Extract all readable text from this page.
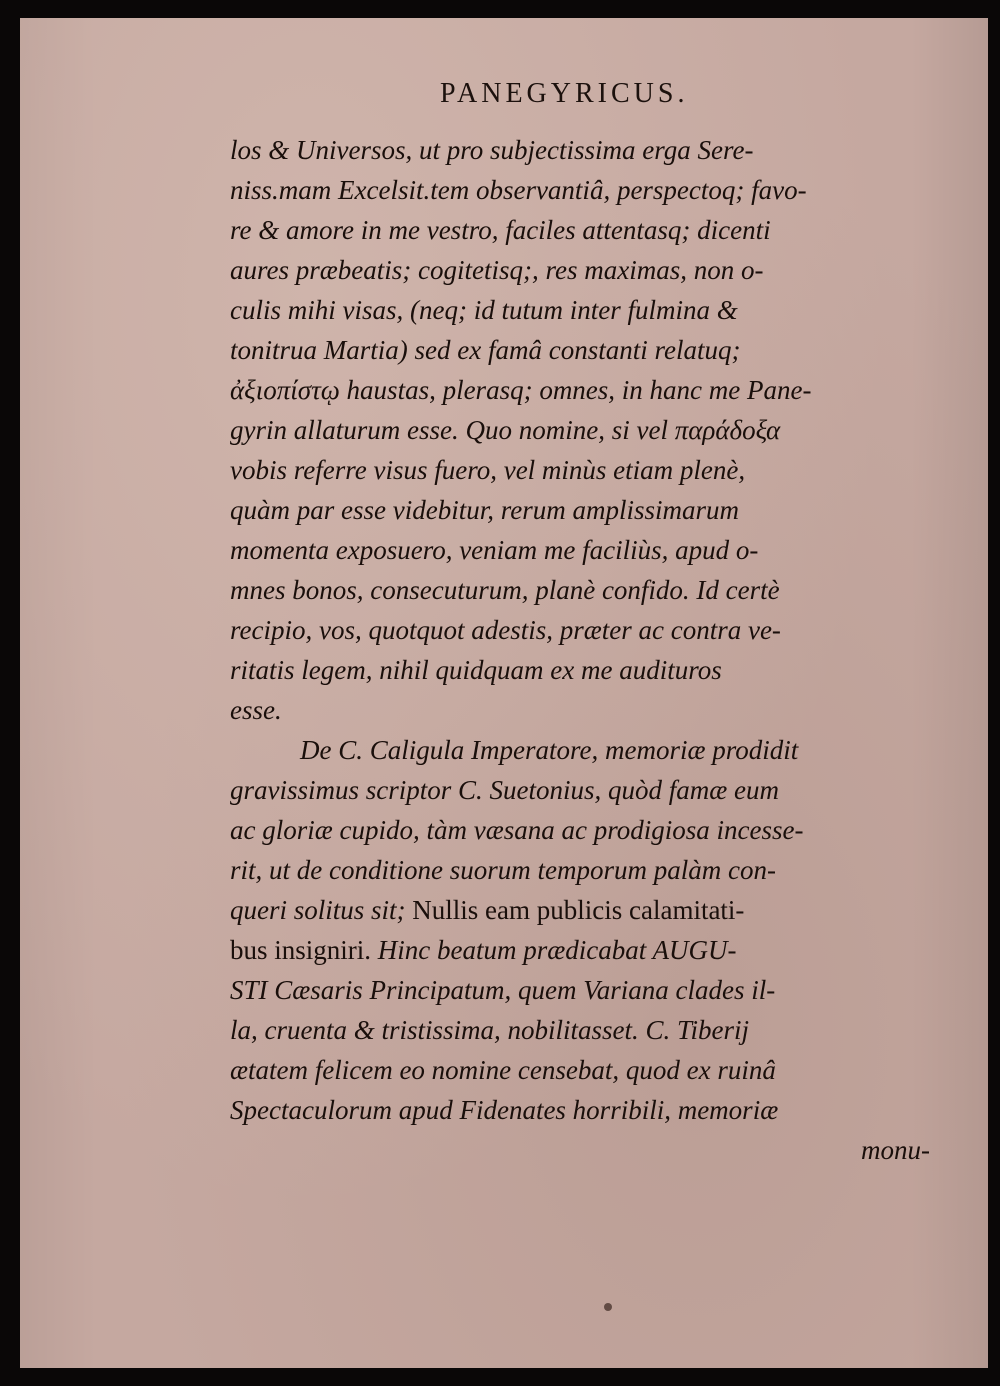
PANEGYRICUS.
los & Universos, ut pro subjectissima erga Sere-
niss.mam Excelsit.tem observantiâ, perspectoq; favo-
re & amore in me vestro, faciles attentasq; dicenti
aures præbeatis; cogitetisq;, res maximas, non o-
culis mihi visas, (neq; id tutum inter fulmina &
tonitrua Martia) sed ex famâ constanti relatuq;
ἀξιοπίστῳ haustas, plerasq; omnes, in hanc me Pane-
gyrin allaturum esse. Quo nomine, si vel παράδοξα
vobis referre visus fuero, vel minùs etiam plenè,
quàm par esse videbitur, rerum amplissimarum
momenta exposuero, veniam me faciliùs, apud o-
mnes bonos, consecuturum, planè confido. Id certè
recipio, vos, quotquot adestis, præter ac contra ve-
ritatis legem, nihil quidquam ex me audituros
esse.
De C. Caligula Imperatore, memoriæ prodidit
gravissimus scriptor C. Suetonius, quòd famæ eum
ac gloriæ cupido, tàm væsana ac prodigiosa incesse-
rit, ut de conditione suorum temporum palàm con-
queri solitus sit; Nullis eam publicis calamitati-
bus insigniri. Hinc beatum prædicabat AUGU-
STI Cæsaris Principatum, quem Variana clades il-
la, cruenta & tristissima, nobilitasset. C. Tiberij
ætatem felicem eo nomine censebat, quod ex ruinâ
Spectaculorum apud Fidenates horribili, memoriæ
monu-
